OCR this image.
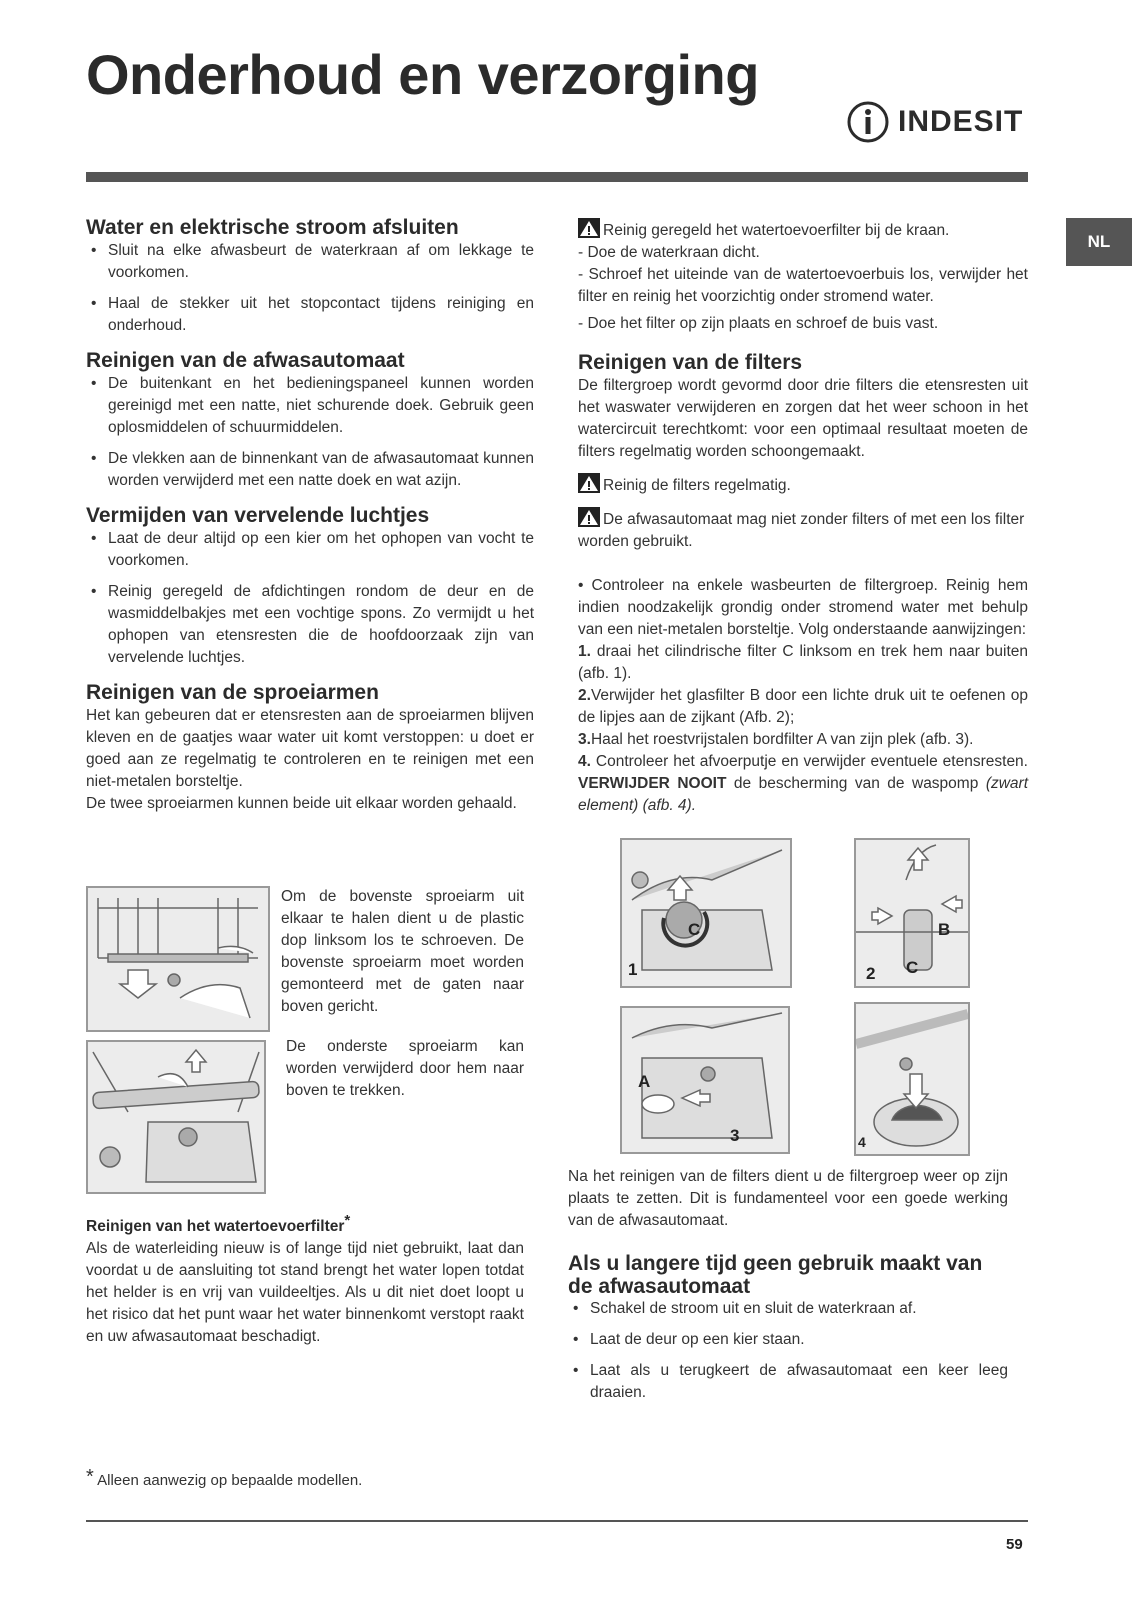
Onderhoud en verzorging
INDESIT
NL
Water en elektrische stroom afsluiten
• Sluit na elke afwasbeurt de waterkraan af om lekkage te voorkomen.
• Haal de stekker uit het stopcontact tijdens reiniging en onderhoud.
Reinigen van de afwasautomaat
• De buitenkant en het bedieningspaneel kunnen worden gereinigd met een natte, niet schurende doek. Gebruik geen oplosmiddelen of schuurmiddelen.
• De vlekken aan de binnenkant van de afwasautomaat kunnen worden verwijderd met een natte doek en wat azijn.
Vermijden van vervelende luchtjes
• Laat de deur altijd op een kier om het ophopen van vocht te voorkomen.
• Reinig geregeld de afdichtingen rondom de deur en de wasmiddelbakjes met een vochtige spons. Zo vermijdt u het ophopen van etensresten die de hoofdoorzaak zijn van vervelende luchtjes.
Reinigen van de sproeiarmen

Het kan gebeuren dat er etensresten aan de sproeiarmen blijven kleven en de gaatjes waar water uit komt verstoppen: u doet er goed aan ze regelmatig te controleren en te reinigen met een niet-metalen borsteltje.

De twee sproeiarmen kunnen beide uit elkaar worden gehaald.

Om de bovenste sproeiarm uit elkaar te halen dient u de plastic dop linksom los te schroeven. De bovenste sproeiarm moet worden gemonteerd met de gaten naar boven gericht.
De onderste sproeiarm kan worden verwijderd door hem naar boven te trekken.
Reinigen van het watertoevoerfilter*

Als de waterleiding nieuw is of lange tijd niet gebruikt, laat dan voordat u de aansluiting tot stand brengt het water lopen totdat het helder is en vrij van vuildeeltjes. Als u dit niet doet loopt u het risico dat het punt waar het water binnenkomt verstopt raakt en uw afwasautomaat beschadigt.

Reinig geregeld het watertoevoerfilter bij de kraan.

- Doe de waterkraan dicht.

- Schroef het uiteinde van de watertoevoerbuis los, verwijder het filter en reinig het voorzichtig onder stromend water.

- Doe het filter op zijn plaats en schroef de buis vast.

Reinigen van de filters

De filtergroep wordt gevormd door drie filters die etensresten uit het waswater verwijderen en zorgen dat het weer schoon in het watercircuit terechtkomt: voor een optimaal resultaat moeten de filters regelmatig worden schoongemaakt.

Reinig de filters regelmatig.

De afwasautomaat mag niet zonder filters of met een los filter worden gebruikt.

• Controleer na enkele wasbeurten de filtergroep. Reinig hem indien noodzakelijk grondig onder stromend water met behulp van een niet-metalen borsteltje. Volg onderstaande aanwijzingen:

1. draai het cilindrische filter C linksom en trek hem naar buiten (afb. 1).

2.Verwijder het glasfilter B door een lichte druk uit te oefenen op de lipjes aan de zijkant (Afb. 2);

3.Haal het roestvrijstalen bordfilter A van zijn plek (afb. 3).

4. Controleer het afvoerputje en verwijder eventuele etensresten. VERWIJDER NOOIT de bescherming van de waspomp (zwart element) (afb. 4).

1
C	B
C
2
A
3	4

Na het reinigen van de filters dient u de filtergroep weer op zijn plaats te zetten. Dit is fundamenteel voor een goede werking van de afwasautomaat.

Als u langere tijd geen gebruik maakt van de afwasautomaat
• Schakel de stroom uit en sluit de waterkraan af.
• Laat de deur op een kier staan.
• Laat als u terugkeert de afwasautomaat een keer leeg draaien.
* Alleen aanwezig op bepaalde modellen.
59
